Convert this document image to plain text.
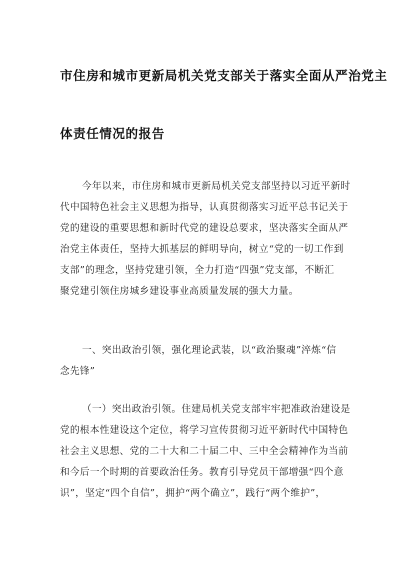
市住房和城市更新局机关党支部关于落实全面从严治党主
体责任情况的报告
今年以来，市住房和城市更新局机关党支部坚持以习近平新时
代中国特色社会主义思想为指导，认真贯彻落实习近平总书记关于
党的建设的重要思想和新时代党的建设总要求，坚决落实全面从严
治党主体责任，坚持大抓基层的鲜明导向，树立“党的一切工作到
支部”的理念，坚持党建引领，全力打造“四强”党支部，不断汇
聚党建引领住房城乡建设事业高质量发展的强大力量。
一、突出政治引领，强化理论武装，以“政治聚魂”淬炼“信
念先锋”
（一）突出政治引领。住建局机关党支部牢牢把准政治建设是
党的根本性建设这个定位，将学习宣传贯彻习近平新时代中国特色
社会主义思想、党的二十大和二十届二中、三中全会精神作为当前
和今后一个时期的首要政治任务。教育引导党员干部增强“四个意
识”，坚定“四个自信”，拥护“两个确立”，践行“两个维护”，
